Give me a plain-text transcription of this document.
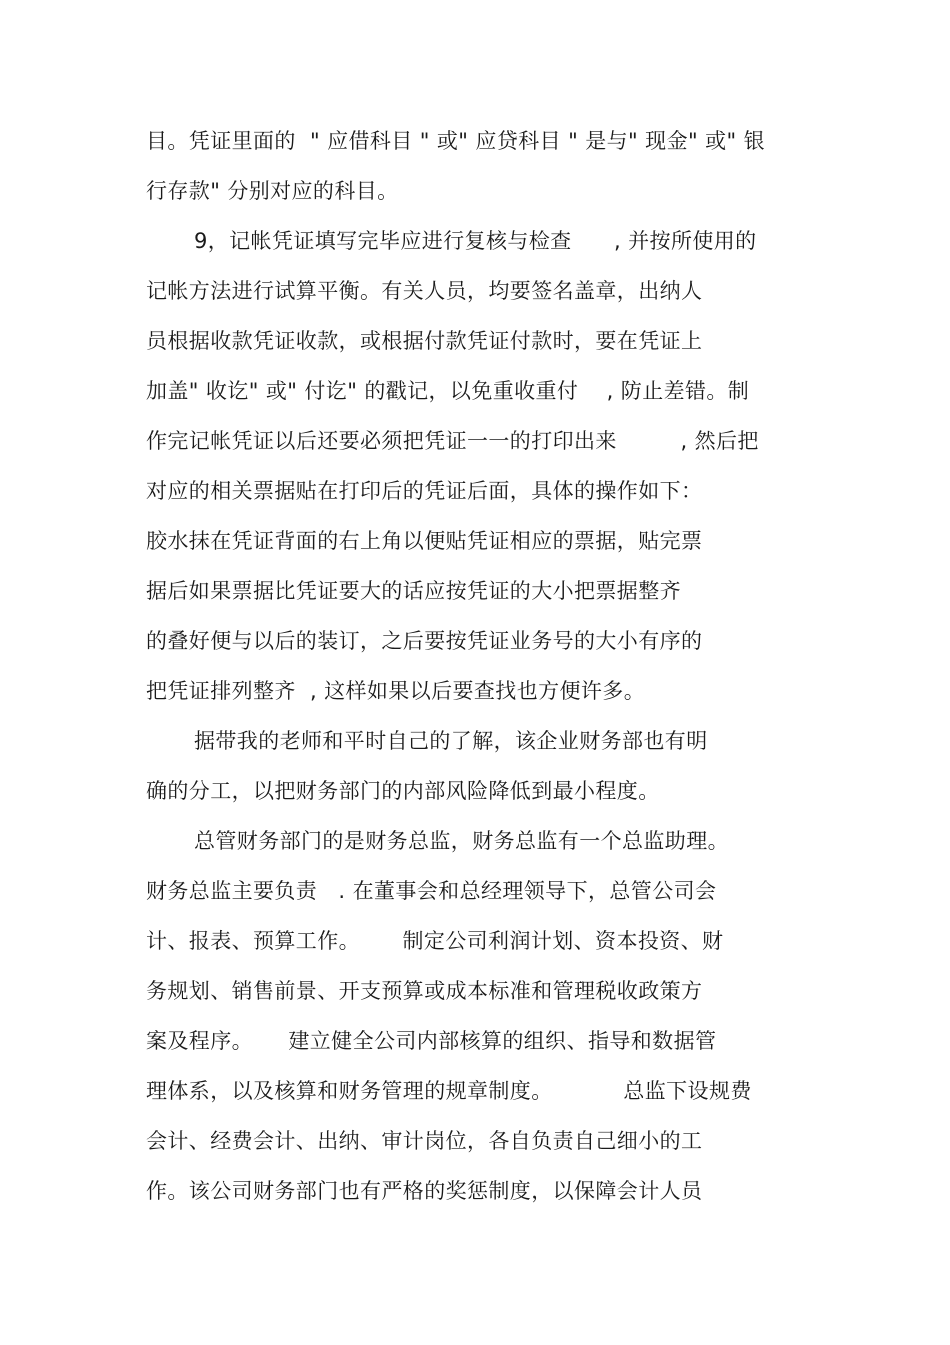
目。凭证里面的  " 应借科目 " 或" 应贷科目 " 是与" 现金" 或" 银
行存款" 分别对应的科目。
9，记帐凭证填写完毕应进行复核与检查      , 并按所使用的
记帐方法进行试算平衡。有关人员，均要签名盖章，出纳人
员根据收款凭证收款，或根据付款凭证付款时，要在凭证上
加盖" 收讫" 或" 付讫" 的戳记，以免重收重付    , 防止差错。制
作完记帐凭证以后还要必须把凭证一一的打印出来         , 然后把
对应的相关票据贴在打印后的凭证后面，具体的操作如下：
胶水抹在凭证背面的右上角以便贴凭证相应的票据，贴完票
据后如果票据比凭证要大的话应按凭证的大小把票据整齐
的叠好便与以后的装订，之后要按凭证业务号的大小有序的
把凭证排列整齐  , 这样如果以后要查找也方便许多。
据带我的老师和平时自己的了解，该企业财务部也有明
确的分工，以把财务部门的内部风险降低到最小程度。
总管财务部门的是财务总监，财务总监有一个总监助理。
财务总监主要负责   . 在董事会和总经理领导下，总管公司会
计、报表、预算工作。      制定公司利润计划、资本投资、财
务规划、销售前景、开支预算或成本标准和管理税收政策方
案及程序。     建立健全公司内部核算的组织、指导和数据管
理体系，以及核算和财务管理的规章制度。          总监下设规费
会计、经费会计、出纳、审计岗位，各自负责自己细小的工
作。该公司财务部门也有严格的奖惩制度，以保障会计人员
